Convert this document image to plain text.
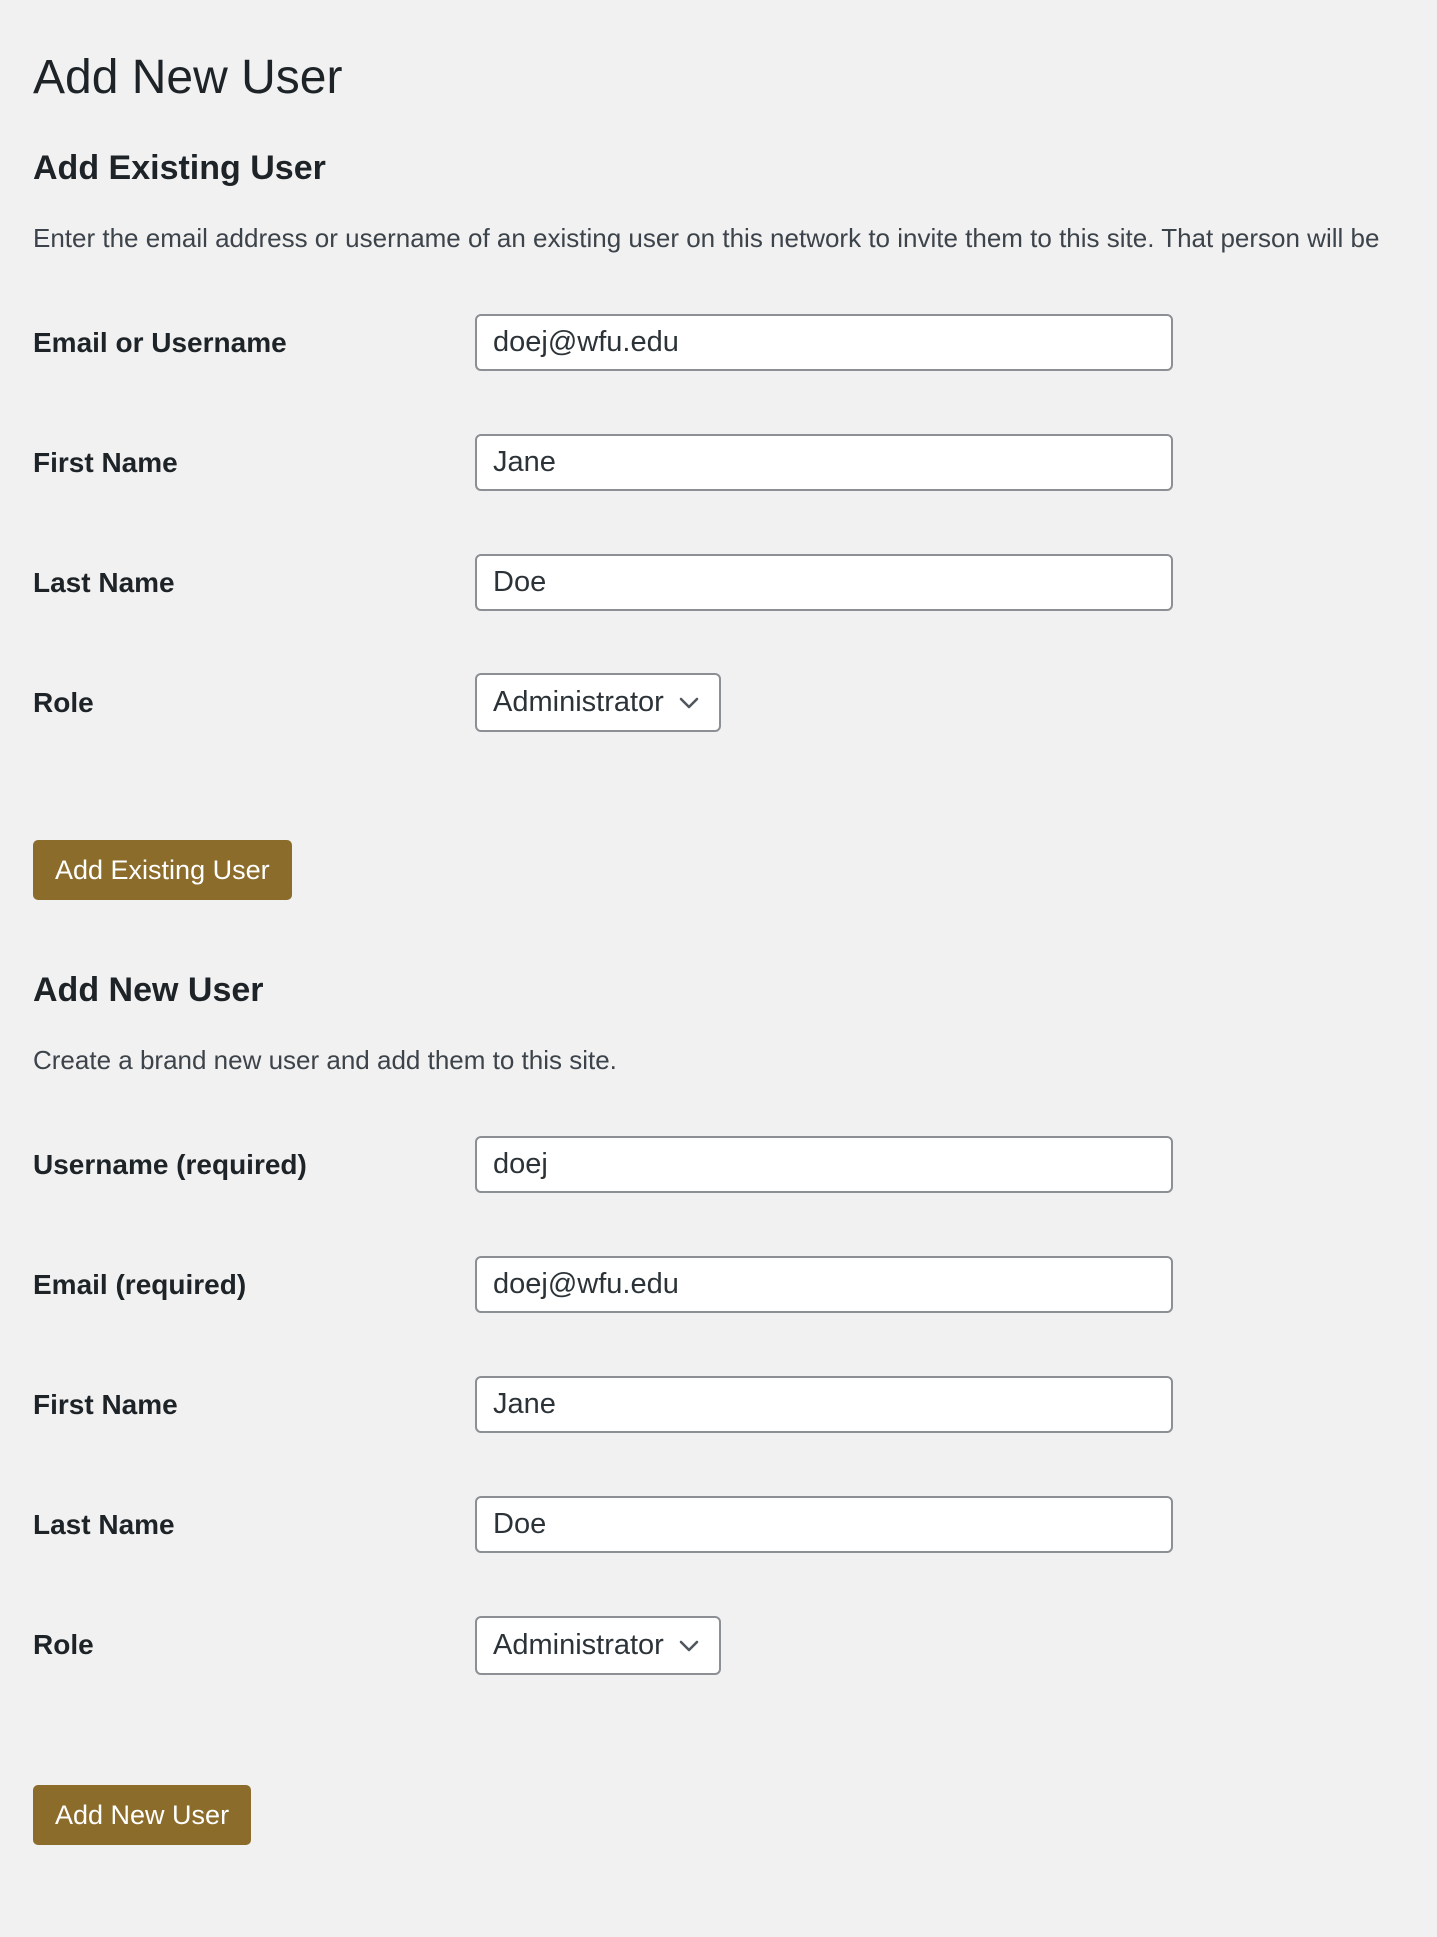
Add New User
Add Existing User

Enter the email address or username of an existing user on this network to invite them to this site. That person will be

Email or Username
doej@wfu.edu
First Name
Jane
Last Name
Doe
Role	Administrator
Add Existing User
Add New User

Create a brand new user and add them to this site.

Username (required)
doej
Email (required)
doej@wfu.edu
First Name
Jane
Last Name
Doe
Role	Administrator
Add New User
